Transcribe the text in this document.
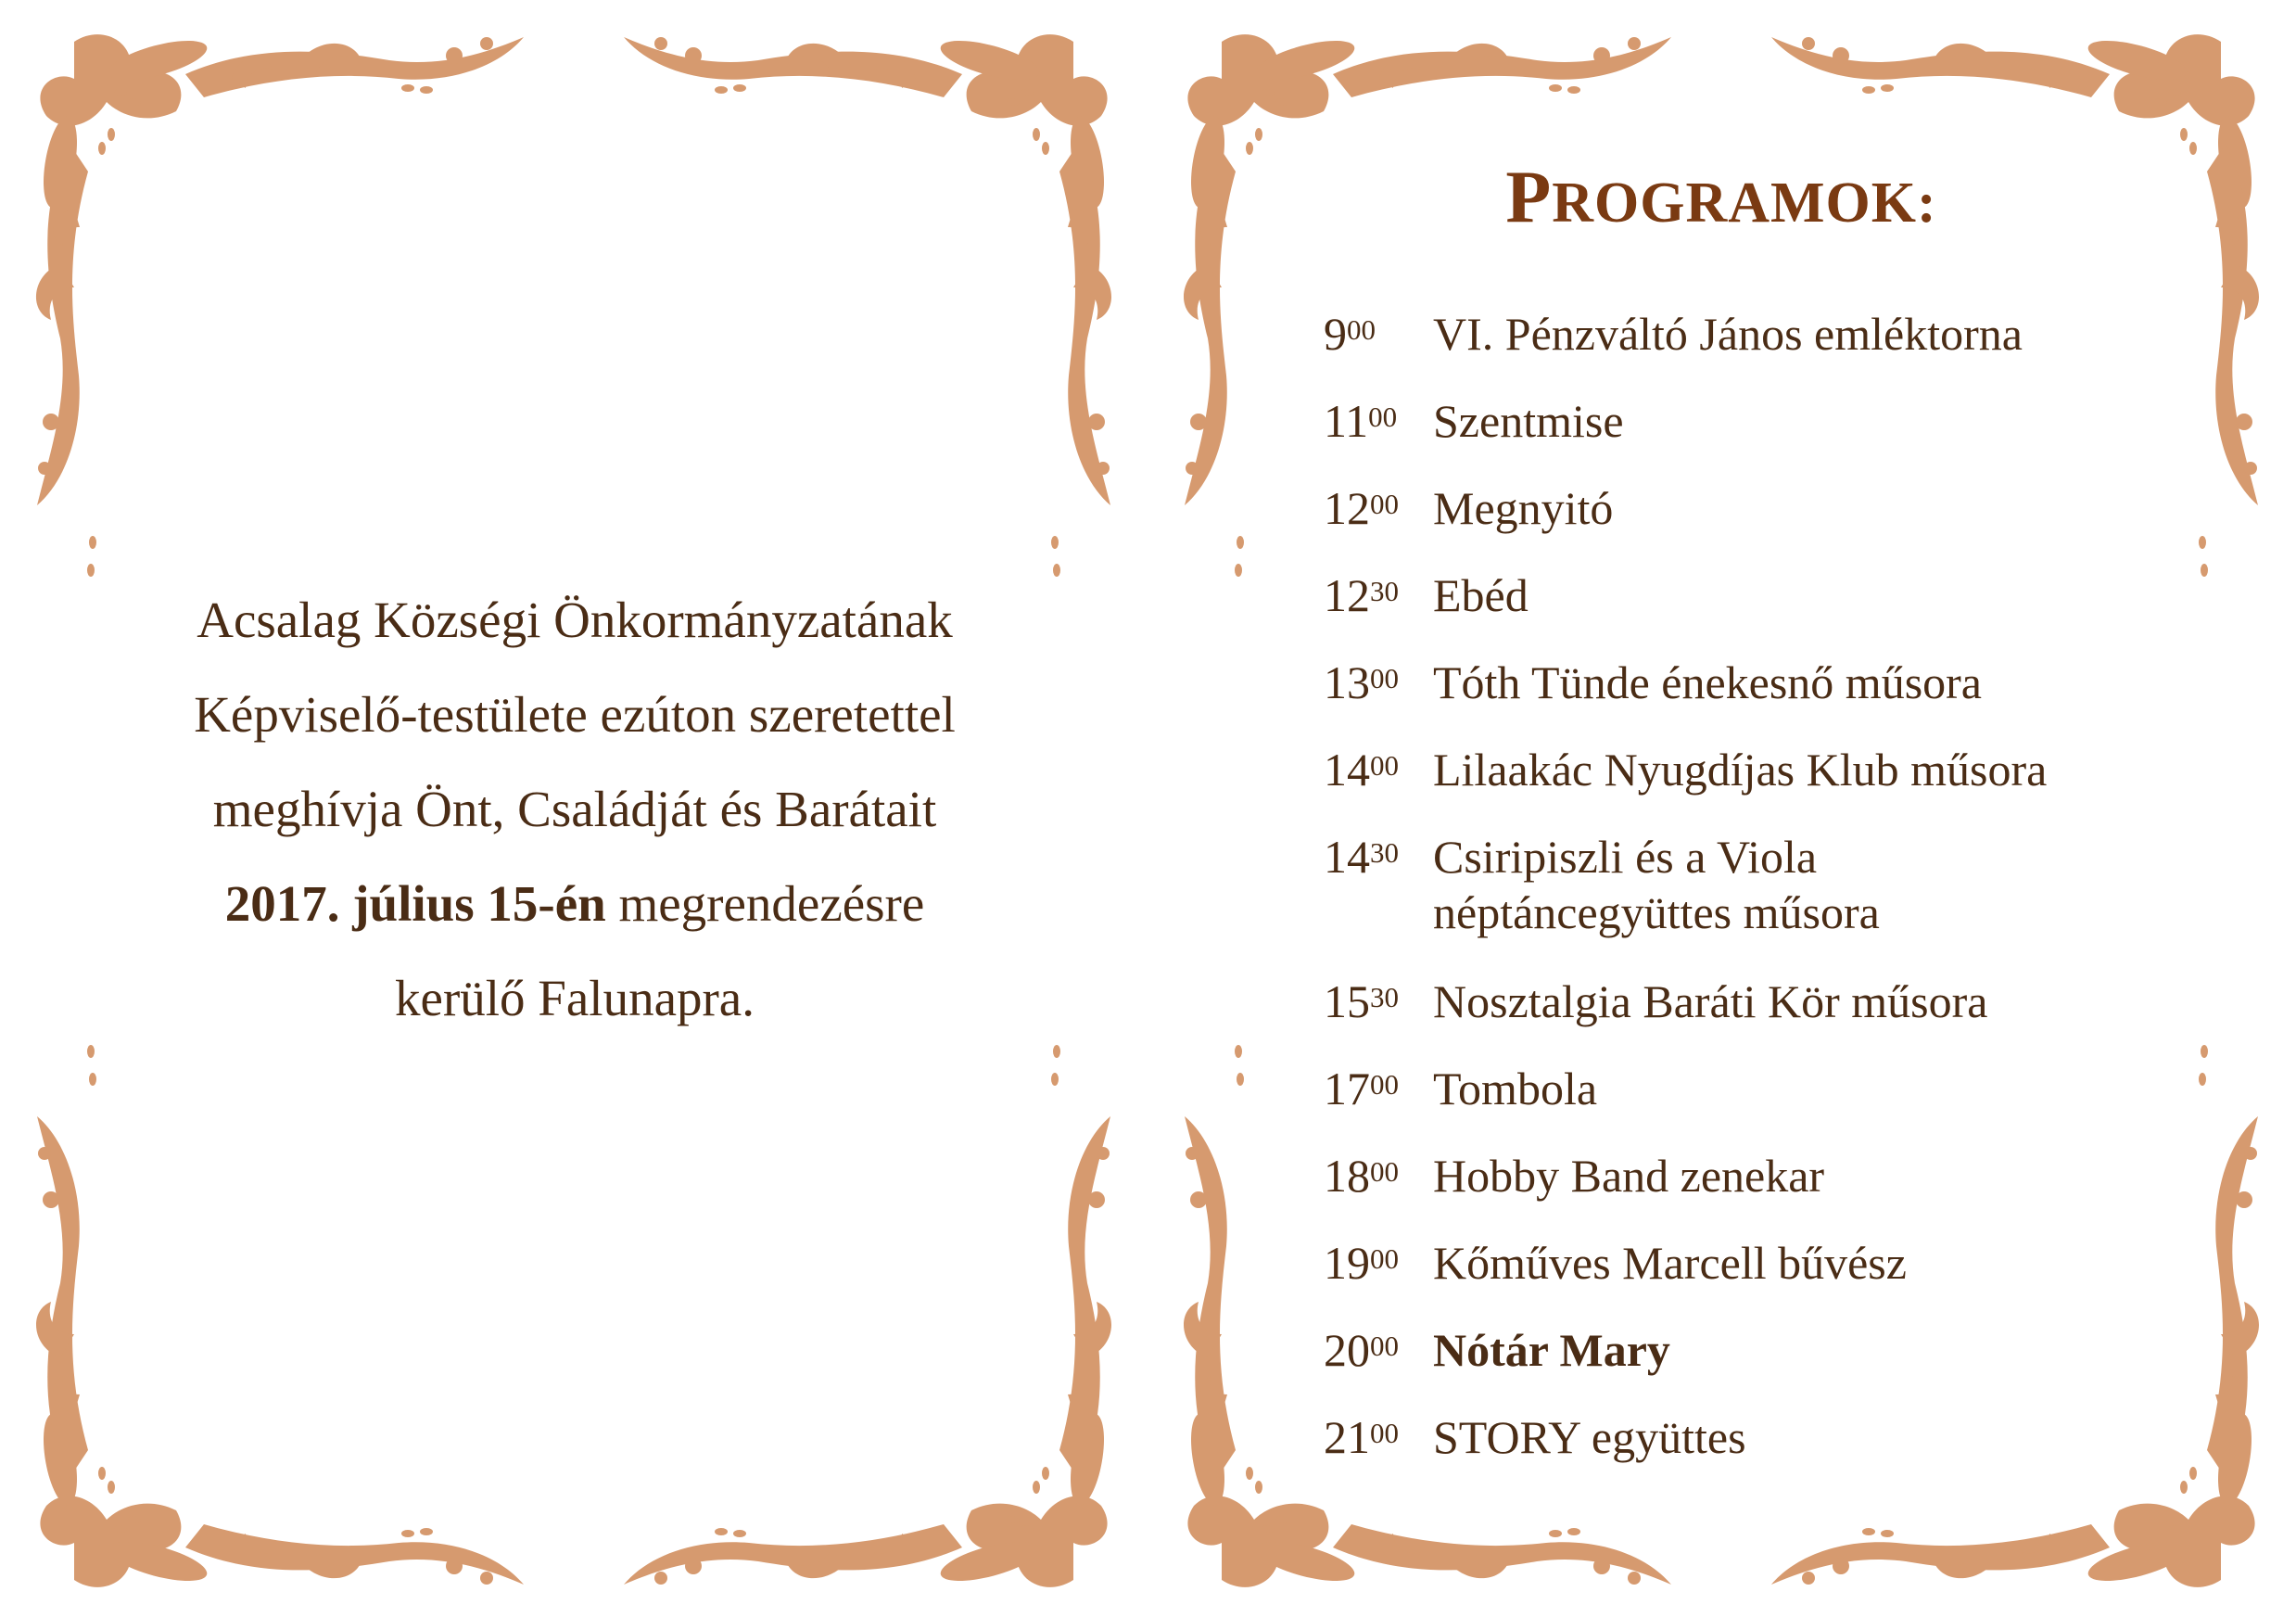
Acsalag Községi Önkormányzatának
Képviselő-testülete ezúton szeretettel
meghívja Önt, Családját és Barátait
2017. július 15-én megrendezésre
kerülő Falunapra.
PROGRAMOK:
$9^{00}$	VI. Pénzváltó János emléktorna
$11^{00}$ Szentmise
$12^{00}$ Megnyitó
$12^{30}$ Ebéd
$13^{00}$ Tóth Tünde énekesnő műsora
$14^{00}$ Lilaakác Nyugdíjas Klub műsora
$14^{30}$ Csiripiszli és a Viola
néptáncegyüttes műsora
$15^{30}$ Nosztalgia Baráti Kör műsora
$17^{00}$ Tombola
$18^{00}$ Hobby Band zenekar
$19^{00}$ Kőműves Marcell bűvész
$20^{00}$ Nótár Mary
$21^{00}$ STORY együttes
